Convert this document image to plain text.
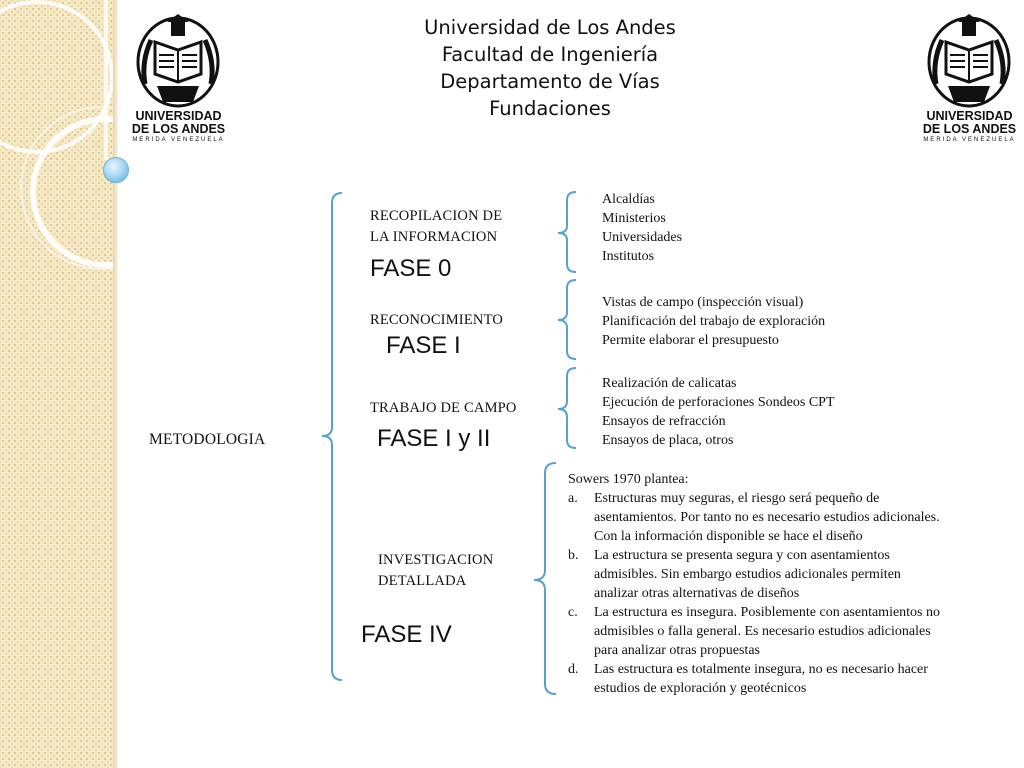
Universidad de Los Andes
Facultad de Ingeniería
Departamento de Vías
Fundaciones
UNIVERSIDAD
DE LOS ANDES
MERIDA VENEZUELA
UNIVERSIDAD
DE LOS ANDES
MERIDA VENEZUELA
METODOLOGIA
RECOPILACION DE
LA INFORMACION
FASE 0
Alcaldías
Ministerios
Universidades
Institutos
RECONOCIMIENTO
FASE I
Vistas de campo (inspección visual)
Planificación del trabajo de exploración
Permite elaborar el presupuesto
TRABAJO DE CAMPO
FASE I y II
Realización de calicatas
Ejecución de perforaciones Sondeos CPT
Ensayos de refracción
Ensayos de placa, otros
INVESTIGACION
DETALLADA
FASE IV
Sowers 1970 plantea:
a. Estructuras muy seguras, el riesgo será pequeño de
asentamientos. Por tanto no es necesario estudios adicionales.
Con la información disponible se hace el diseño
b. La estructura se presenta segura y con asentamientos
admisibles. Sin embargo estudios adicionales permiten
analizar otras alternativas de diseños
c. La estructura es insegura. Posiblemente con asentamientos no
admisibles o falla general. Es necesario estudios adicionales
para analizar otras propuestas
d. Las estructura es totalmente insegura, no es necesario hacer
estudios de exploración y geotécnicos
